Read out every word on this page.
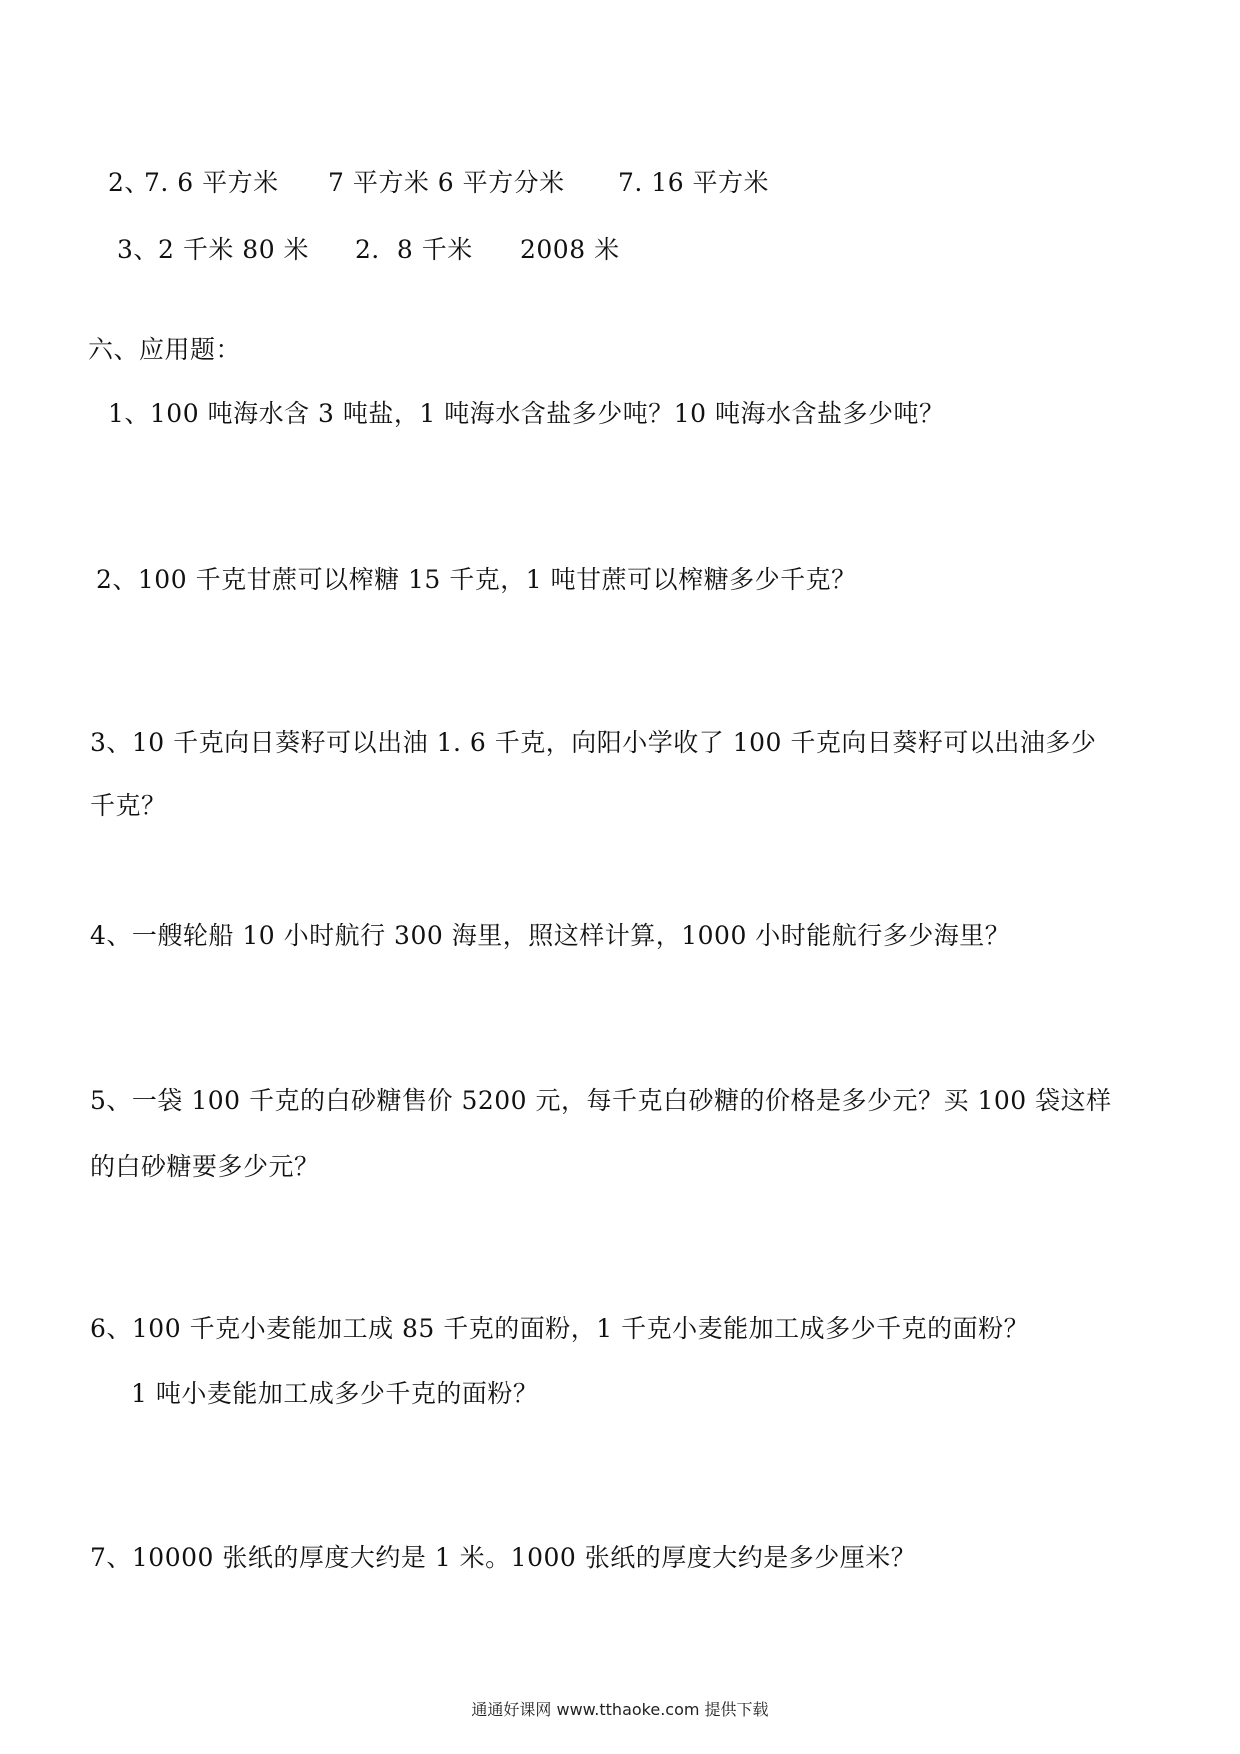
2、
7. 6 平方米 7 平方米 6 平方分米 7. 16 平方米
3、 2 千米 80 米 2．8 千米 2008 米
六、应用题：
1、100 吨海水含 3 吨盐，1 吨海水含盐多少吨？10 吨海水含盐多少吨？
2、100 千克甘蔗可以榨糖 15 千克，1 吨甘蔗可以榨糖多少千克？
3、10 千克向日葵籽可以出油 1. 6 千克，向阳小学收了 100 千克向日葵籽可以出油多少
千克？
4、一艘轮船 10 小时航行 300 海里，照这样计算，1000 小时能航行多少海里？
5、一袋 100 千克的白砂糖售价 5200 元，每千克白砂糖的价格是多少元？买 100 袋这样
的白砂糖要多少元？
6、100 千克小麦能加工成 85 千克的面粉，1 千克小麦能加工成多少千克的面粉？
1 吨小麦能加工成多少千克的面粉？
7、10000 张纸的厚度大约是 1 米。1000 张纸的厚度大约是多少厘米？
通通好课网 www.tthaoke.com 提供下载
